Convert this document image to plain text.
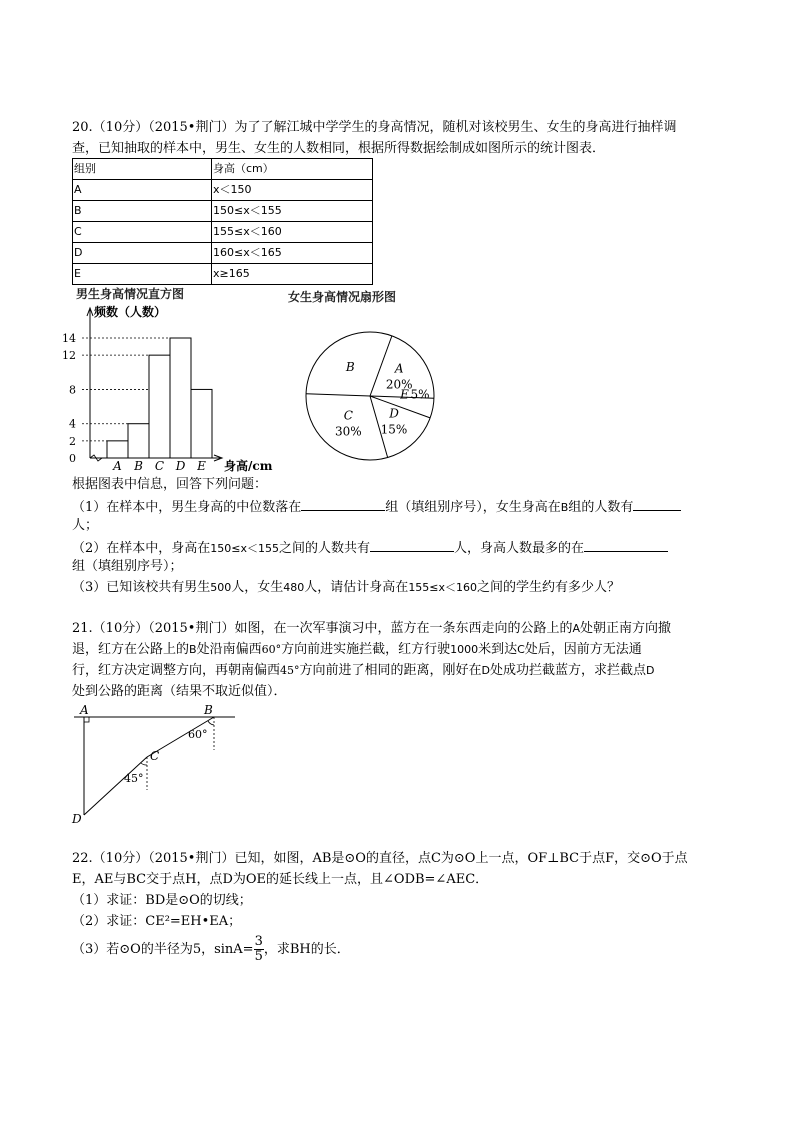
20.（10分）（2015•荆门）为了了解江城中学学生的身高情况，随机对该校男生、女生的身高进行抽样调
查，已知抽取的样本中，男生、女生的人数相同，根据所得数据绘制成如图所示的统计图表．
组别	身高（cm）
A	x＜150
B	150≤x＜155
C	155≤x＜160
D	160≤x＜165
E	x≥165
男生身高情况直方图	女生身高情况扇形图
0
2
4
8
12
14
A B C D E
频数（人数）
身高/cm
A
20%
E 5%
D
15%
C
30%
B
根据图表中信息，回答下列问题：
（1）在样本中，男生身高的中位数落在	组（填组别序号），女生身高在B组的人数有
人；
（2）在样本中，身高在150≤x＜155之间的人数共有	人，身高人数最多的在
组（填组别序号）；
（3）已知该校共有男生500人，女生480人，请估计身高在155≤x＜160之间的学生约有多少人？
21.（10分）（2015•荆门）如图，在一次军事演习中，蓝方在一条东西走向的公路上的A处朝正南方向撤
退，红方在公路上的B处沿南偏西60°方向前进实施拦截，红方行驶1000米到达C处后，因前方无法通
行，红方决定调整方向，再朝南偏西45°方向前进了相同的距离，刚好在D处成功拦截蓝方，求拦截点D
处到公路的距离（结果不取近似值）．
A	B
C
D
60°
45°
22.（10分）（2015•荆门）已知，如图，AB是⊙O的直径，点C为⊙O上一点，OF⊥BC于点F，交⊙O于点
E，AE与BC交于点H，点D为OE的延长线上一点，且∠ODB=∠AEC．
（1）求证：BD是⊙O的切线；
（2）求证：CE²=EH•EA；
（3）若⊙O的半径为5，$\sin A= \frac{3}{5}$ ，求BH的长．
